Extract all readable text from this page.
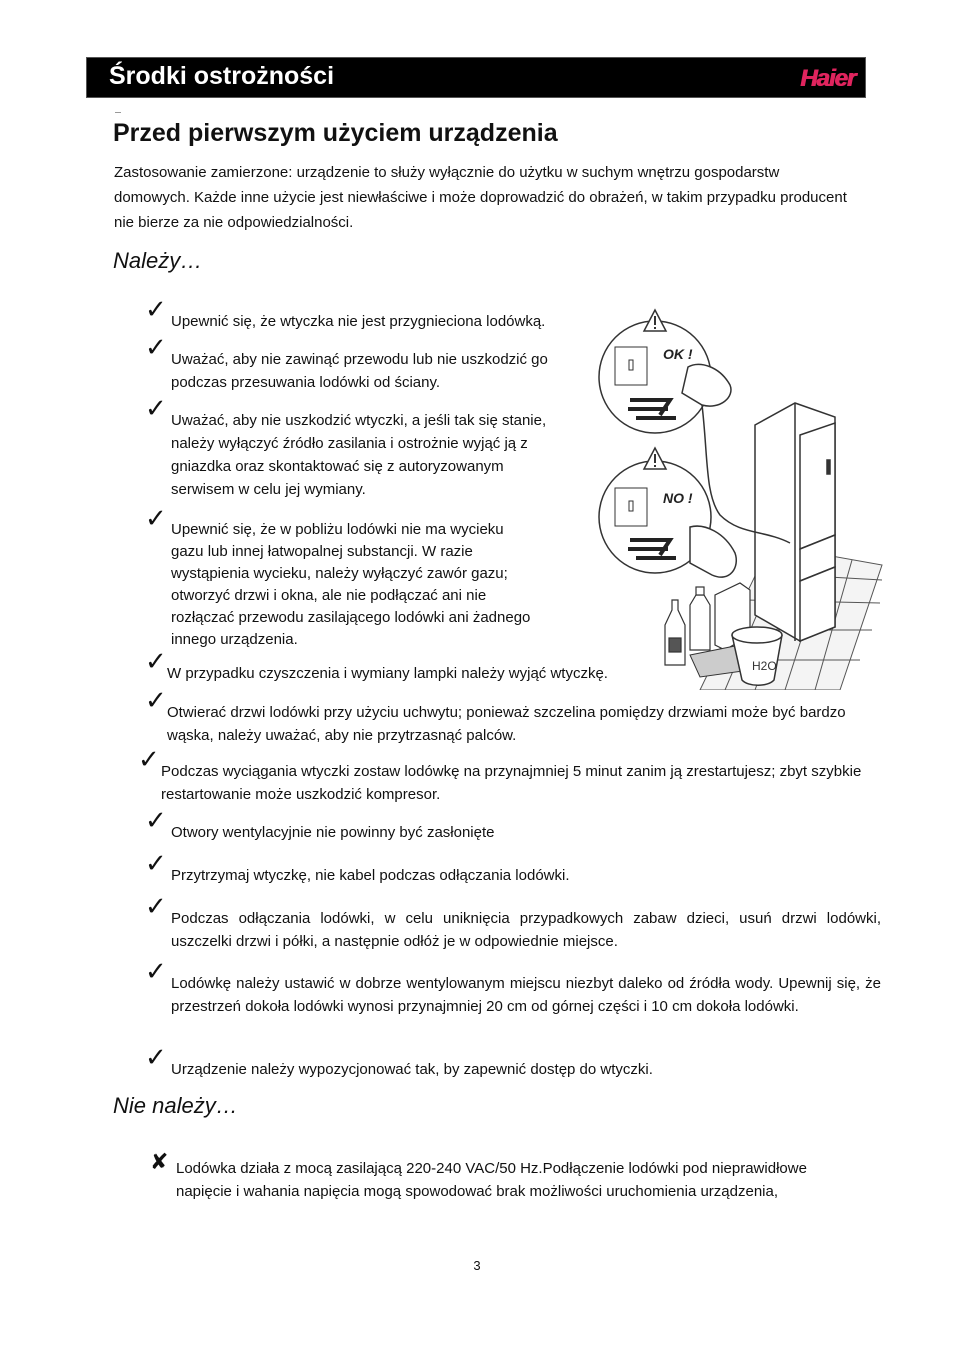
Środki ostrożności	Haier
Przed pierwszym użyciem urządzenia

Zastosowanie zamierzone: urządzenie to służy wyłącznie do użytku w suchym wnętrzu gospodarstw domowych. Każde inne użycie jest niewłaściwe i może doprowadzić do obrażeń, w takim przypadku producent nie bierze za nie odpowiedzialności.

Należy…

✓ Upewnić się, że wtyczka nie jest przygnieciona lodówką.
✓ Uważać, aby nie zawinąć przewodu lub nie uszkodzić go podczas przesuwania lodówki od ściany.
✓ Uważać, aby nie uszkodzić wtyczki, a jeśli tak się stanie, należy wyłączyć źródło zasilania i ostrożnie wyjąć ją z gniazdka oraz skontaktować się z autoryzowanym serwisem w celu jej wymiany.
✓ Upewnić się, że w pobliżu lodówki nie ma wycieku gazu lub innej łatwopalnej substancji. W razie wystąpienia wycieku, należy wyłączyć zawór gazu; otworzyć drzwi i okna, ale nie podłączać ani nie rozłączać przewodu zasilającego lodówki ani żadnego innego urządzenia.
✓ W przypadku czyszczenia i wymiany lampki należy wyjąć wtyczkę.
✓ Otwierać drzwi lodówki przy użyciu uchwytu; ponieważ szczelina pomiędzy drzwiami może być bardzo wąska, należy uważać, aby nie przytrzasnąć palców.
✓ Podczas wyciągania wtyczki zostaw lodówkę na przynajmniej 5 minut zanim ją zrestartujesz; zbyt szybkie restartowanie może uszkodzić kompresor.
✓ Otwory wentylacyjnie nie powinny być zasłonięte
✓ Przytrzymaj wtyczkę, nie kabel podczas odłączania lodówki.
✓ Podczas odłączania lodówki, w celu uniknięcia przypadkowych zabaw dzieci, usuń drzwi lodówki, uszczelki drzwi i półki, a następnie odłóż je w odpowiednie miejsce.
✓ Lodówkę należy ustawić w dobrze wentylowanym miejscu niezbyt daleko od źródła wody. Upewnij się, że przestrzeń dokoła lodówki wynosi przynajmniej 20 cm od górnej części i 10 cm dokoła lodówki.
✓ Urządzenie należy wypozycjonować tak, by zapewnić dostęp do wtyczki.

Nie należy…

✘ Lodówka działa z mocą zasilającą 220-240 VAC/50 Hz.Podłączenie lodówki pod nieprawidłowe napięcie i wahania napięcia mogą spowodować brak możliwości uruchomienia urządzenia,
OK !
NO !
H2O
3
